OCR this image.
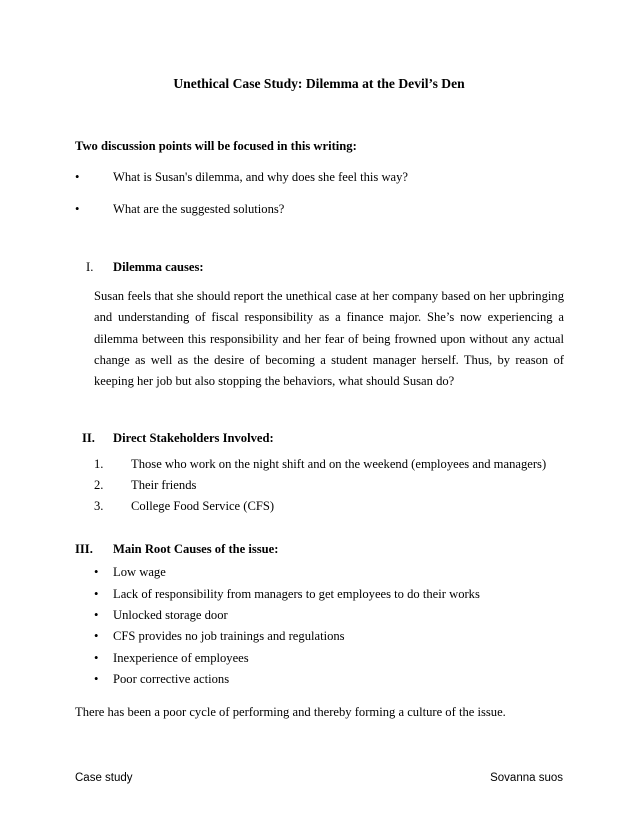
Unethical Case Study: Dilemma at the Devil’s Den
Two discussion points will be focused in this writing:
•	What is Susan's dilemma, and why does she feel this way?
•	What are the suggested solutions?
I. Dilemma causes:
Susan feels that she should report the unethical case at her company based on her upbringing and understanding of fiscal responsibility as a finance major. She’s now experiencing a dilemma between this responsibility and her fear of being frowned upon without any actual change as well as the desire of becoming a student manager herself. Thus, by reason of keeping her job but also stopping the behaviors, what should Susan do?
II. Direct Stakeholders Involved:
1. Those who work on the night shift and on the weekend (employees and managers)
2. Their friends
3. College Food Service (CFS)
III. Main Root Causes of the issue:
• Low wage
• Lack of responsibility from managers to get employees to do their works
• Unlocked storage door
• CFS provides no job trainings and regulations
• Inexperience of employees
• Poor corrective actions
There has been a poor cycle of performing and thereby forming a culture of the issue.
Case study	Sovanna suos
